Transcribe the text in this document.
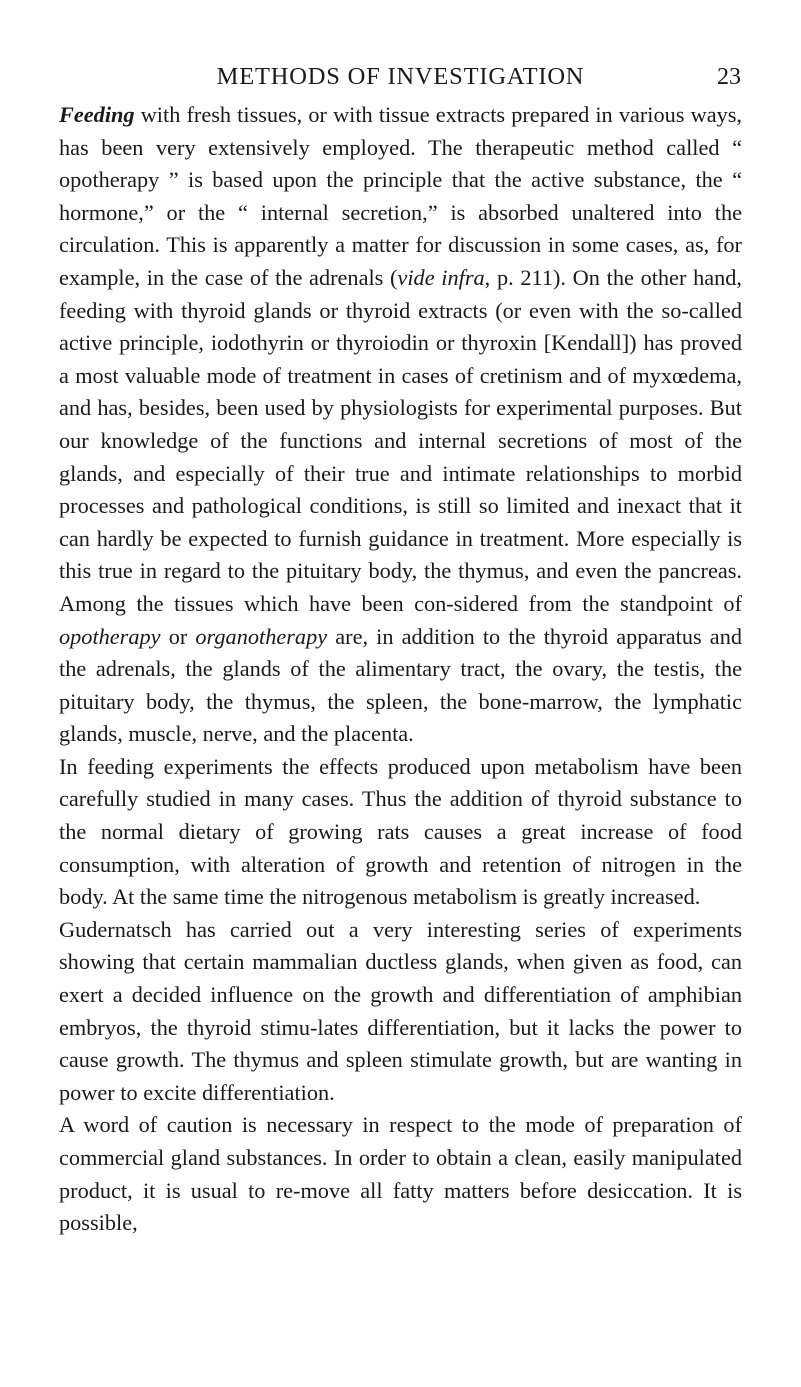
METHODS OF INVESTIGATION	23

Feeding with fresh tissues, or with tissue extracts prepared in various ways, has been very extensively employed. The therapeutic method called “ opotherapy ” is based upon the principle that the active substance, the “ hormone,” or the “ internal secretion,” is absorbed unaltered into the circulation. This is apparently a matter for discussion in some cases, as, for example, in the case of the adrenals (vide infra, p. 211). On the other hand, feeding with thyroid glands or thyroid extracts (or even with the so-called active principle, iodothyrin or thyroiodin or thyroxin [Kendall]) has proved a most valuable mode of treatment in cases of cretinism and of myxœdema, and has, besides, been used by physiologists for experimental purposes. But our knowledge of the functions and internal secretions of most of the glands, and especially of their true and intimate relationships to morbid processes and pathological conditions, is still so limited and inexact that it can hardly be expected to furnish guidance in treatment. More especially is this true in regard to the pituitary body, the thymus, and even the pancreas. Among the tissues which have been con-sidered from the standpoint of opotherapy or organotherapy are, in addition to the thyroid apparatus and the adrenals, the glands of the alimentary tract, the ovary, the testis, the pituitary body, the thymus, the spleen, the bone-marrow, the lymphatic glands, muscle, nerve, and the placenta.

In feeding experiments the effects produced upon metabolism have been carefully studied in many cases. Thus the addition of thyroid substance to the normal dietary of growing rats causes a great increase of food consumption, with alteration of growth and retention of nitrogen in the body. At the same time the nitrogenous metabolism is greatly increased.

Gudernatsch has carried out a very interesting series of experiments showing that certain mammalian ductless glands, when given as food, can exert a decided influence on the growth and differentiation of amphibian embryos, the thyroid stimu-lates differentiation, but it lacks the power to cause growth. The thymus and spleen stimulate growth, but are wanting in power to excite differentiation.

A word of caution is necessary in respect to the mode of preparation of commercial gland substances. In order to obtain a clean, easily manipulated product, it is usual to re-move all fatty matters before desiccation. It is possible,
